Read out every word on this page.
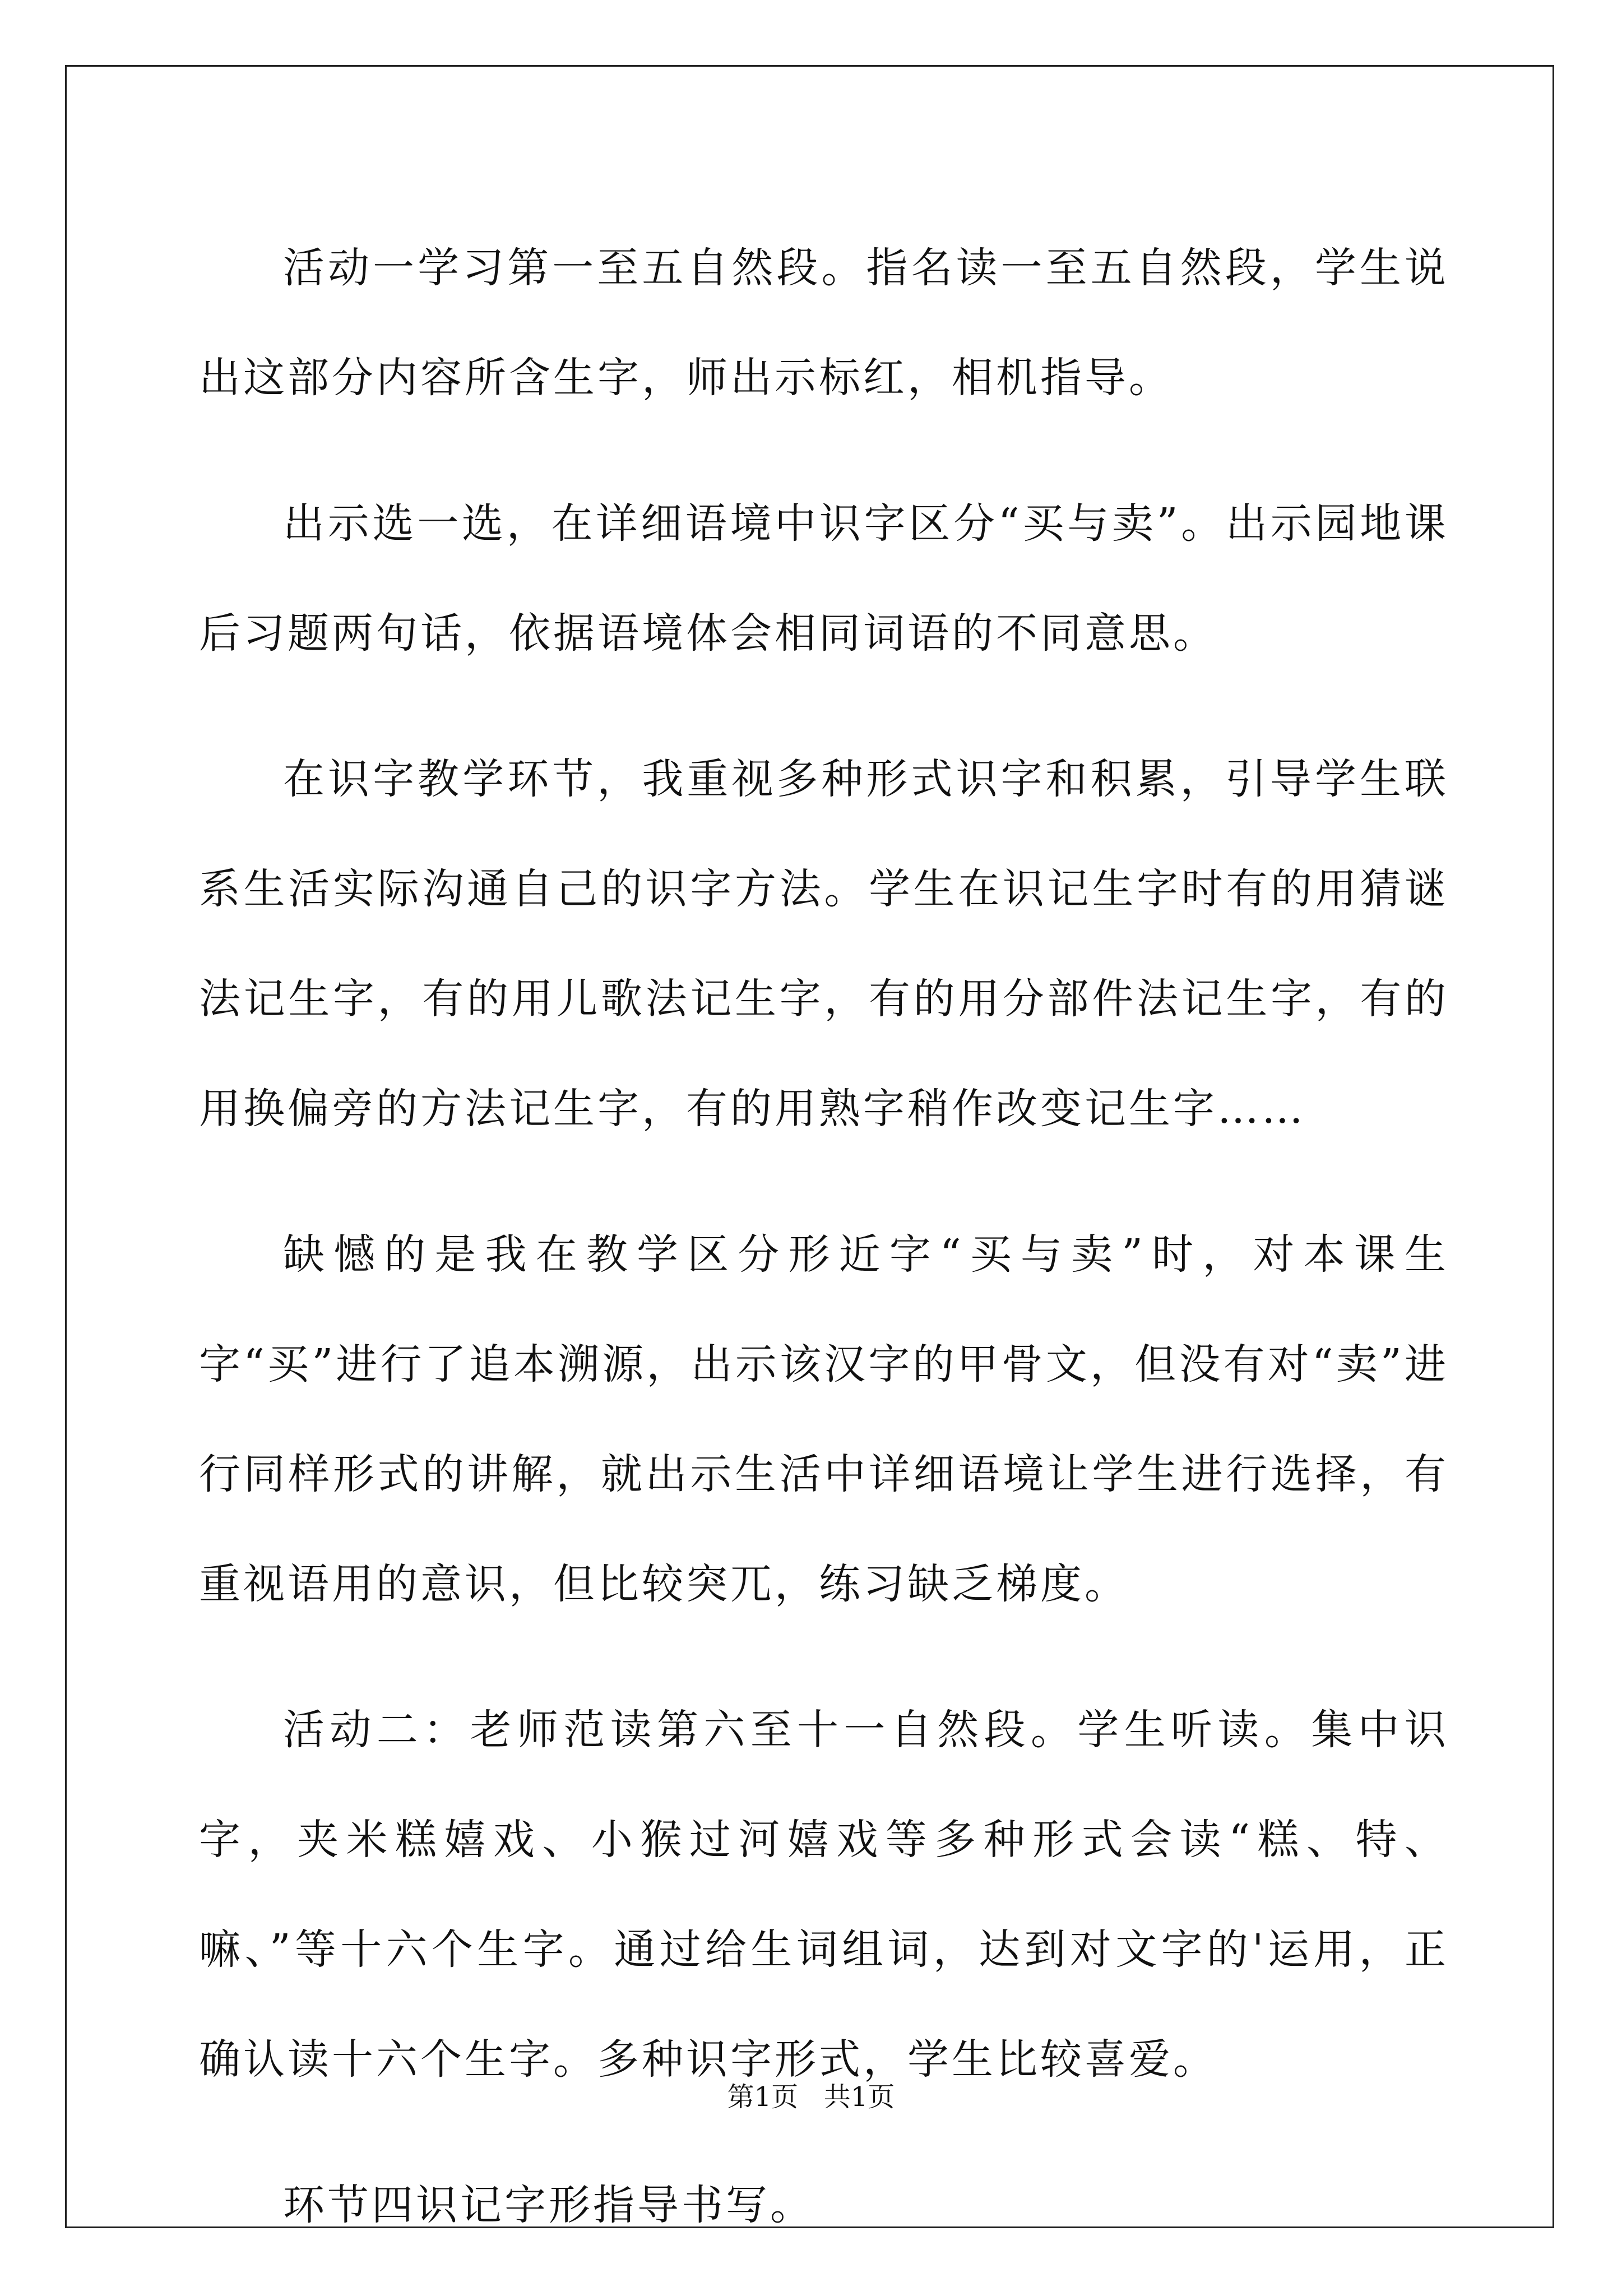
活动一学习第一至五自然段。指名读一至五自然段，学生说出这部分内容所含生字，师出示标红，相机指导。

出示选一选，在详细语境中识字区分“买与卖”。出示园地课后习题两句话，依据语境体会相同词语的不同意思。

在识字教学环节，我重视多种形式识字和积累，引导学生联系生活实际沟通自己的识字方法。学生在识记生字时有的用猜谜法记生字，有的用儿歌法记生字，有的用分部件法记生字，有的用换偏旁的方法记生字，有的用熟字稍作改变记生字……

缺憾的是我在教学区分形近字“买与卖”时，对本课生字“买”进行了追本溯源，出示该汉字的甲骨文，但没有对“卖”进行同样形式的讲解，就出示生活中详细语境让学生进行选择，有重视语用的意识，但比较突兀，练习缺乏梯度。

活动二：老师范读第六至十一自然段。学生听读。集中识字，夹米糕嬉戏、小猴过河嬉戏等多种形式会读“糕、特、嘛、”等十六个生字。通过给生词组词，达到对文字的'运用，正确认读十六个生字。多种识字形式，学生比较喜爱。

环节四识记字形指导书写。

第1页   共1页
